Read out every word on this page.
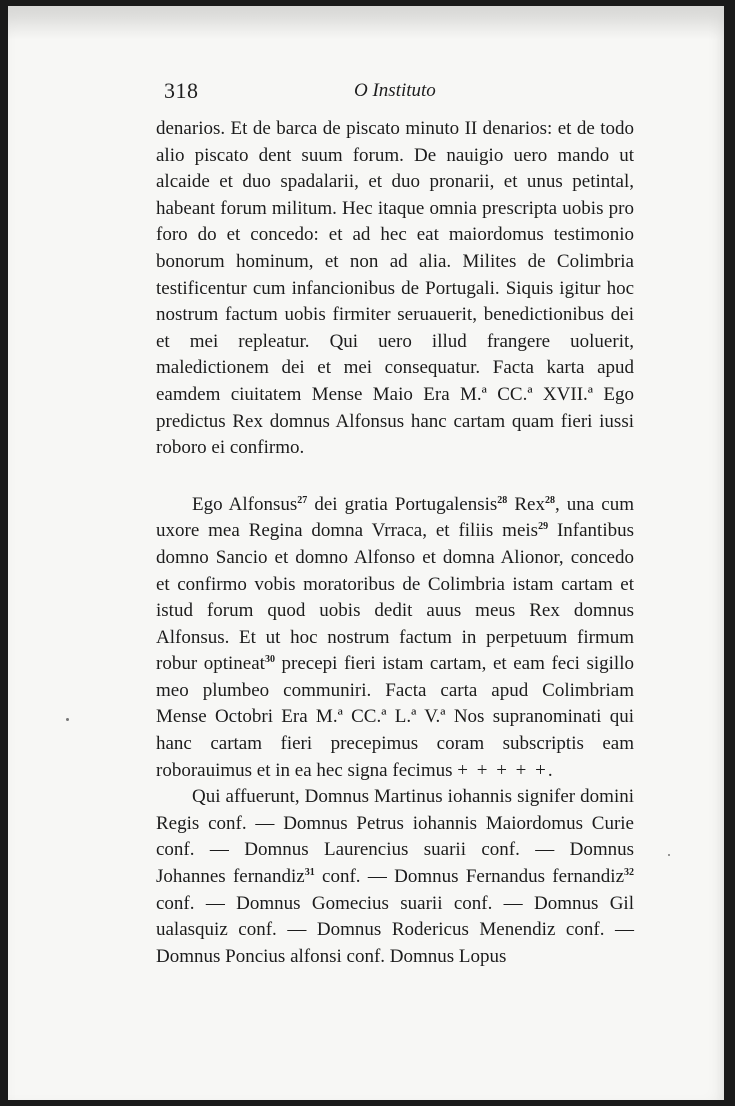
318	O Instituto

denarios. Et de barca de piscato minuto II denarios: et de todo alio piscato dent suum forum. De nauigio uero mando ut alcaide et duo spadalarii, et duo pronarii, et unus petintal, habeant forum militum. Hec itaque omnia prescripta uobis pro foro do et concedo: et ad hec eat maiordomus testimonio bonorum hominum, et non ad alia. Milites de Colimbria testificentur cum infancionibus de Portugali. Siquis igitur hoc nostrum factum uobis firmiter seruauerit, benedictionibus dei et mei repleatur. Qui uero illud frangere uoluerit, maledictionem dei et mei consequatur. Facta karta apud eamdem ciuitatem Mense Maio Era M.ª CC.ª XVII.ª Ego predictus Rex domnus Alfonsus hanc cartam quam fieri iussi roboro ei confirmo.

Ego Alfonsus$^{27}$ dei gratia Portugalensis$^{28}$ Rex$^{28}$, una cum uxore mea Regina domna Vrraca, et filiis meis$^{29}$ Infantibus domno Sancio et domno Alfonso et domna Alionor, concedo et confirmo vobis moratoribus de Colimbria istam cartam et istud forum quod uobis dedit auus meus Rex domnus Alfonsus. Et ut hoc nostrum factum in perpetuum firmum robur optineat$^{30}$ precepi fieri istam cartam, et eam feci sigillo meo plumbeo communiri. Facta carta apud Colimbriam Mense Octobri Era M.ª CC.ª L.ª V.ª Nos supranominati qui hanc cartam fieri precepimus coram subscriptis eam roborauimus et in ea hec signa fecimus + + + + +.

Qui affuerunt, Domnus Martinus iohannis signifer domini Regis conf. — Domnus Petrus iohannis Maiordomus Curie conf. — Domnus Laurencius suarii conf. — Domnus Johannes fernandiz$^{31}$ conf. — Domnus Fernandus fernandiz$^{32}$ conf. — Domnus Gomecius suarii conf. — Domnus Gil ualasquiz conf. — Domnus Rodericus Menendiz conf. — Domnus Poncius alfonsi conf. Domnus Lopus
